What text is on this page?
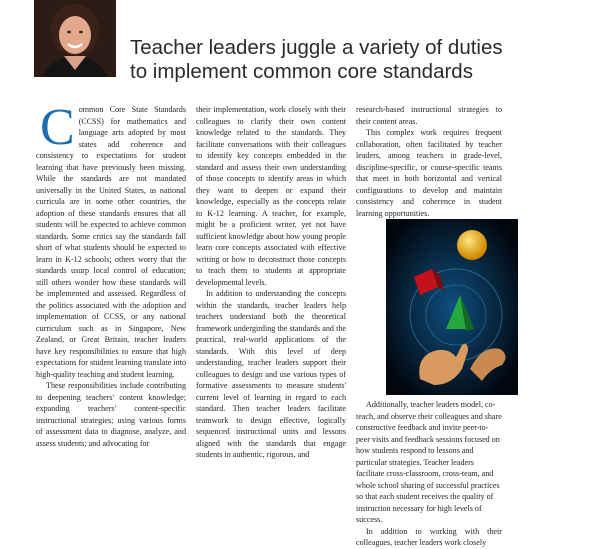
Teacher leaders juggle a variety of duties
to implement common core standards
C ommon Core State Standards (CCSS) for mathematics and language arts adopted by most states add coherence and consistency to expectations for student learning that have previously been missing. While the standards are not mandated universally in the United States, as national curricula are in some other countries, the adoption of these standards ensures that all students will be expected to achieve common standards. Some critics say the standards fall short of what students should be expected to learn in K-12 schools; others worry that the standards usurp local control of education; still others wonder how these standards will be implemented and assessed. Regardless of the politics associated with the adoption and implementation of CCSS, or any national curriculum such as in Singapore, New Zealand, or Great Britain, teacher leaders have key responsibilities to ensure that high expectations for student learning translate into high-quality teaching and student learning.

These responsibilities include contributing to deepening teachers' content knowledge; expanding teachers' content-specific instructional strategies; using various forms of assessment data to diagnose, analyze, and assess students; and advocating for

their implementation, work closely with their colleagues to clarify their own content knowledge related to the standards. They facilitate conversations with their colleagues to identify key concepts embedded in the standard and assess their own understanding of those concepts to identify areas in which they want to deepen or expand their knowledge, especially as the concepts relate to K-12 learning. A teacher, for example, might be a proficient writer, yet not have sufficient knowledge about how young people learn core concepts associated with effective writing or how to deconstruct those concepts to teach them to students at appropriate developmental levels.

In addition to understanding the concepts within the standards, teacher leaders help teachers understand both the theoretical framework undergirding the standards and the practical, real-world applications of the standards. With this level of deep understanding, teacher leaders support their colleagues to design and use various types of formative assessments to measure students' current level of learning in regard to each standard. Then teacher leaders facilitate teamwork to design effective, logically sequenced instructional units and lessons aligned with the standards that engage students in authentic, rigorous, and

research-based instructional strategies to their content areas.

This complex work requires frequent collaboration, often facilitated by teacher leaders, among teachers in grade-level, discipline-specific, or course-specific teams that meet in both horizontal and vertical configurations to develop and maintain consistency and coherence in student learning opportunities.

Additionally, teacher leaders model, co-teach, and observe their colleagues and share constructive feedback and invite peer-to-peer visits and feedback sessions focused on how students respond to lessons and particular strategies. Teacher leaders facilitate cross-classroom, cross-team, and whole school sharing of successful practices so that each student receives the quality of instruction necessary for high levels of success.

In addition to working with their colleagues, teacher leaders work closely
